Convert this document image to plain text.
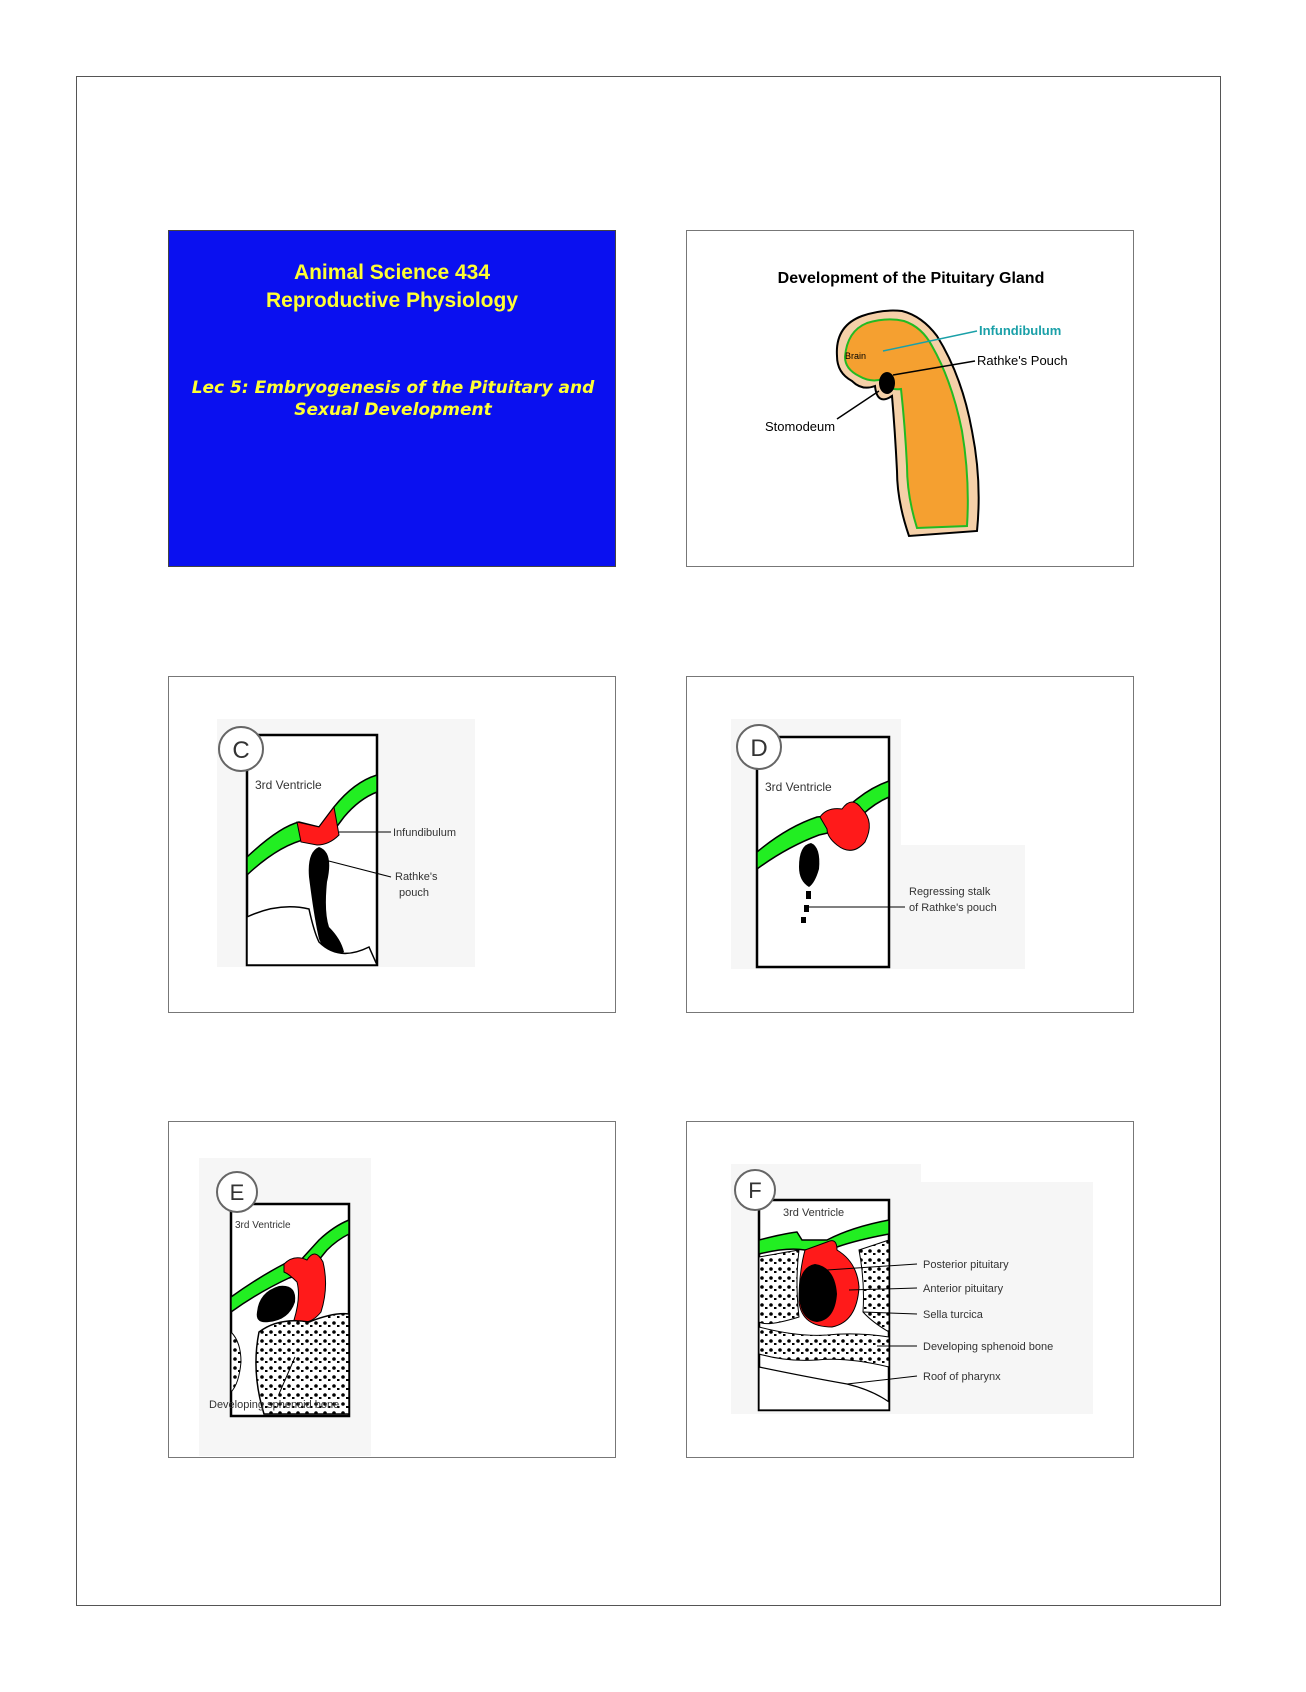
Animal Science 434
Reproductive Physiology
Lec 5: Embryogenesis of the Pituitary and
Sexual Development
Development of the Pituitary Gland
Brain
Infundibulum
Rathke's Pouch
Stomodeum
C
3rd Ventricle
Infundibulum
Rathke's
pouch
D
3rd Ventricle
Regressing stalk
of Rathke's pouch
E
3rd Ventricle
Developing sphenoid bone
F
3rd Ventricle
Posterior pituitary
Anterior pituitary
Sella turcica
Developing sphenoid bone
Roof of pharynx
